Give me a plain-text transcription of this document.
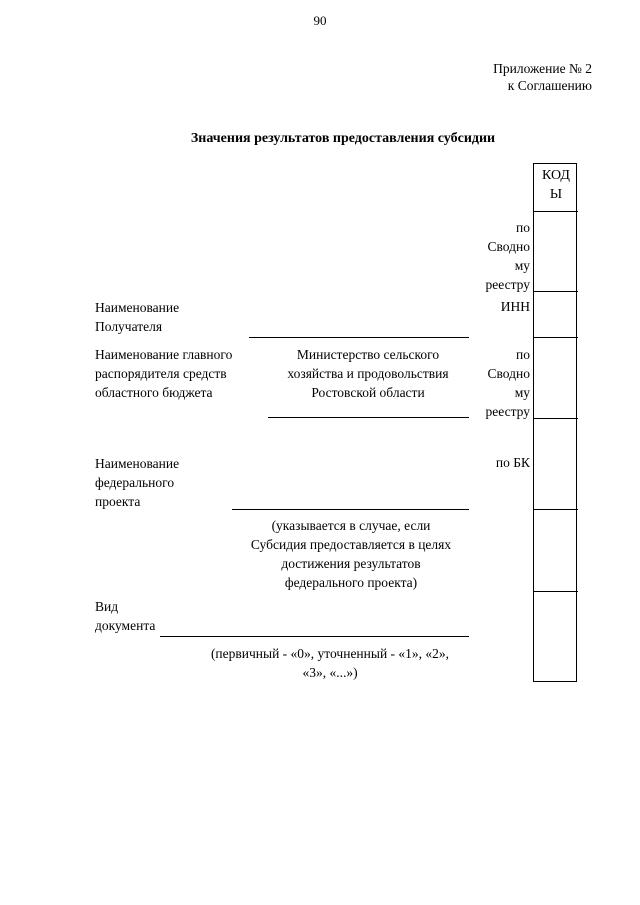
90
Приложение № 2
к Соглашению
Значения результатов предоставления субсидии
КОД
Ы
по
Сводно
му
реестру
ИНН
по
Сводно
му
реестру
по БК
Наименование
Получателя
Наименование главного
распорядителя средств
областного бюджета
Министерство сельского
хозяйства и продовольствия
Ростовской области
Наименование
федерального
проекта
(указывается в случае, если
Субсидия предоставляется в целях
достижения результатов
федерального проекта)
Вид
документа
(первичный - «0», уточненный - «1», «2»,
«3», «...»)
